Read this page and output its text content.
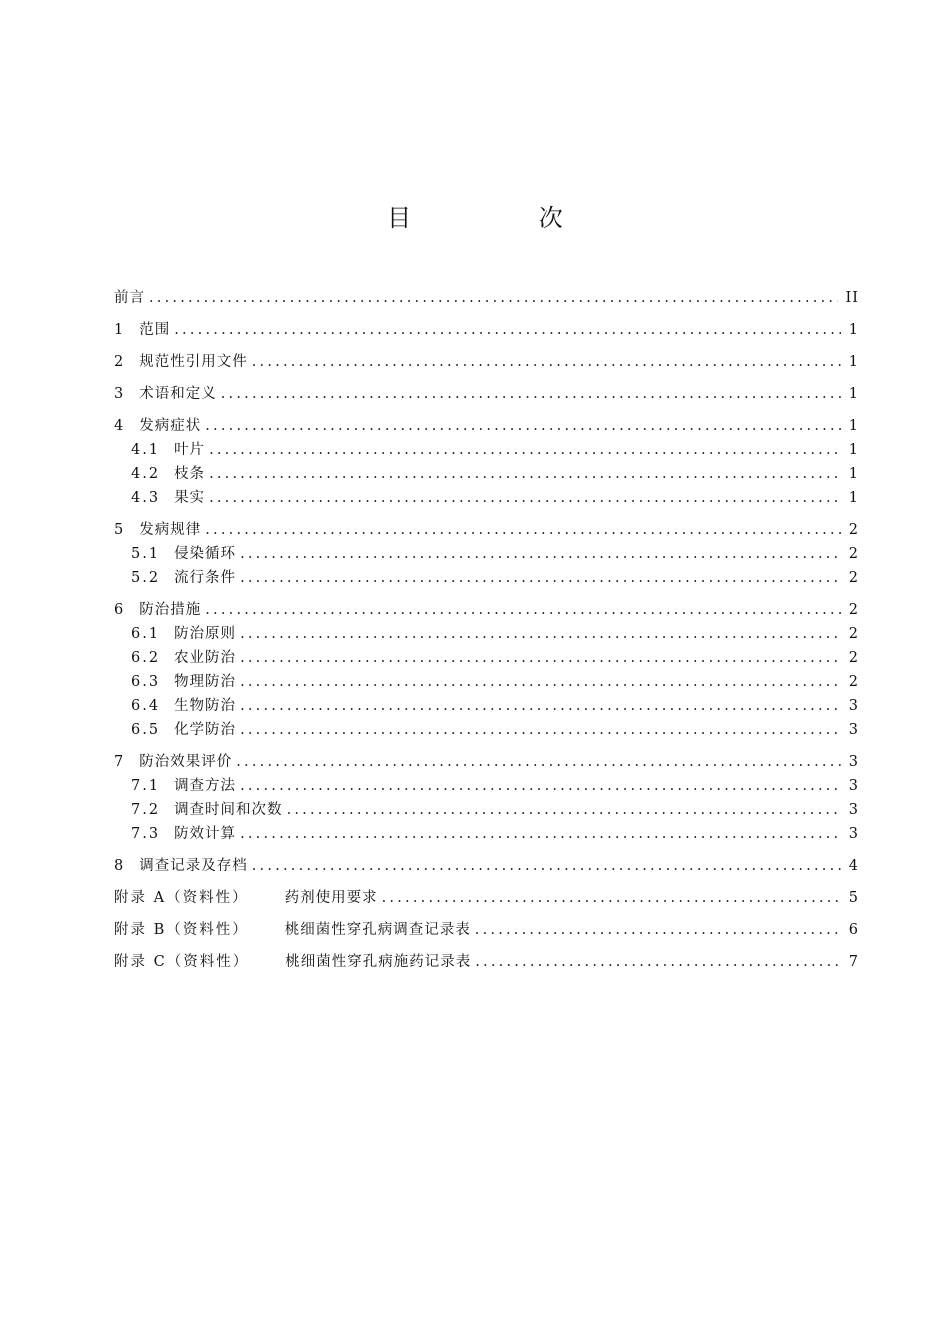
目 次
前言 .....	II
1 范围 .....	1
2 规范性引用文件 .....	1
3 术语和定义 .....	1
4 发病症状 .....	1
4.1 叶片 .....	1
4.2 枝条 .....	1
4.3 果实 .....	1
5 发病规律 .....	2
5.1 侵染循环 .....	2
5.2 流行条件 .....	2
6 防治措施 .....	2
6.1 防治原则 .....	2
6.2 农业防治 .....	2
6.3 物理防治 .....	2
6.4 生物防治 .....	3
6.5 化学防治 .....	3
7 防治效果评价 .....	3
7.1 调查方法 .....	3
7.2 调查时间和次数 .....	3
7.3 防效计算 .....	3
8 调查记录及存档 .....	4
附录 A（资料性） 药剂使用要求 .....	5
附录 B（资料性） 桃细菌性穿孔病调查记录表 .....	6
附录 C（资料性） 桃细菌性穿孔病施药记录表 .....	7
